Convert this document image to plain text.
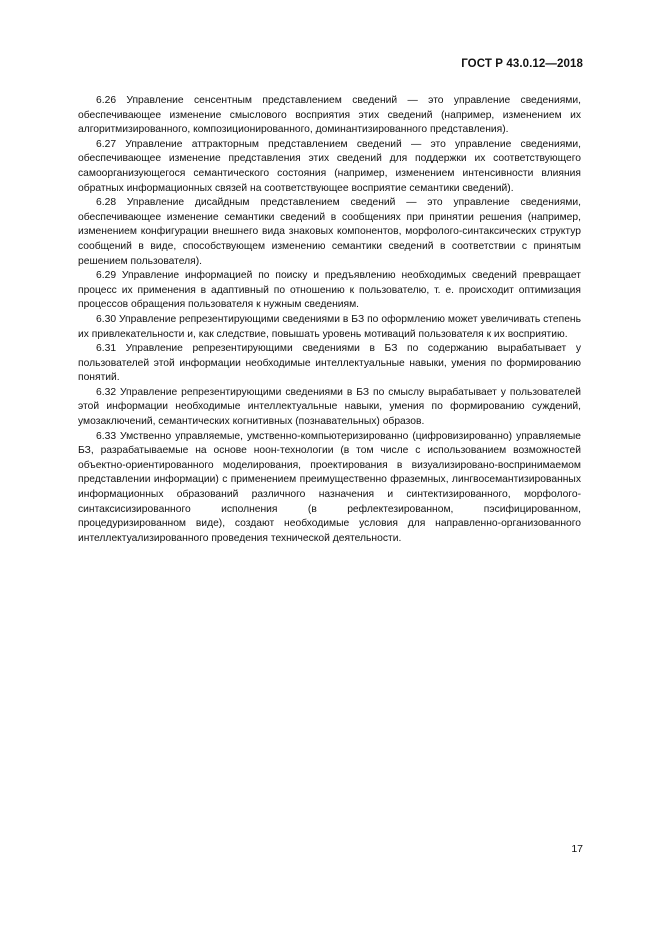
ГОСТ Р 43.0.12—2018

6.26 Управление сенсентным представлением сведений — это управление сведениями, обеспечивающее изменение смыслового восприятия этих сведений (например, изменением их алгоритмизированного, композиционированного, доминантизированного представления).

6.27 Управление аттракторным представлением сведений — это управление сведениями, обеспечивающее изменение представления этих сведений для поддержки их соответствующего самоорганизующегося семантического состояния (например, изменением интенсивности влияния обратных информационных связей на соответствующее восприятие семантики сведений).

6.28 Управление дисайдным представлением сведений — это управление сведениями, обеспечивающее изменение семантики сведений в сообщениях при принятии решения (например, изменением конфигурации внешнего вида знаковых компонентов, морфолого-синтаксических структур сообщений в виде, способствующем изменению семантики сведений в соответствии с принятым решением пользователя).

6.29 Управление информацией по поиску и предъявлению необходимых сведений превращает процесс их применения в адаптивный по отношению к пользователю, т. е. происходит оптимизация процессов обращения пользователя к нужным сведениям.

6.30 Управление репрезентирующими сведениями в БЗ по оформлению может увеличивать степень их привлекательности и, как следствие, повышать уровень мотиваций пользователя к их восприятию.

6.31 Управление репрезентирующими сведениями в БЗ по содержанию вырабатывает у пользователей этой информации необходимые интеллектуальные навыки, умения по формированию понятий.

6.32 Управление репрезентирующими сведениями в БЗ по смыслу вырабатывает у пользователей этой информации необходимые интеллектуальные навыки, умения по формированию суждений, умозаключений, семантических когнитивных (познавательных) образов.

6.33 Умственно управляемые, умственно-компьютеризированно (цифровизированно) управляемые БЗ, разрабатываемые на основе ноон-технологии (в том числе с использованием возможностей объектно-ориентированного моделирования, проектирования в визуализировано-воспринимаемом представлении информации) с применением преимущественно фраземных, лингвосемантизированных информационных образований различного назначения и синтектизированного, морфолого-синтаксисизированного исполнения (в рефлектезированном, пэсифицированном, процедуризированном виде), создают необходимые условия для направленно-организованного интеллектуализированного проведения технической деятельности.

17
